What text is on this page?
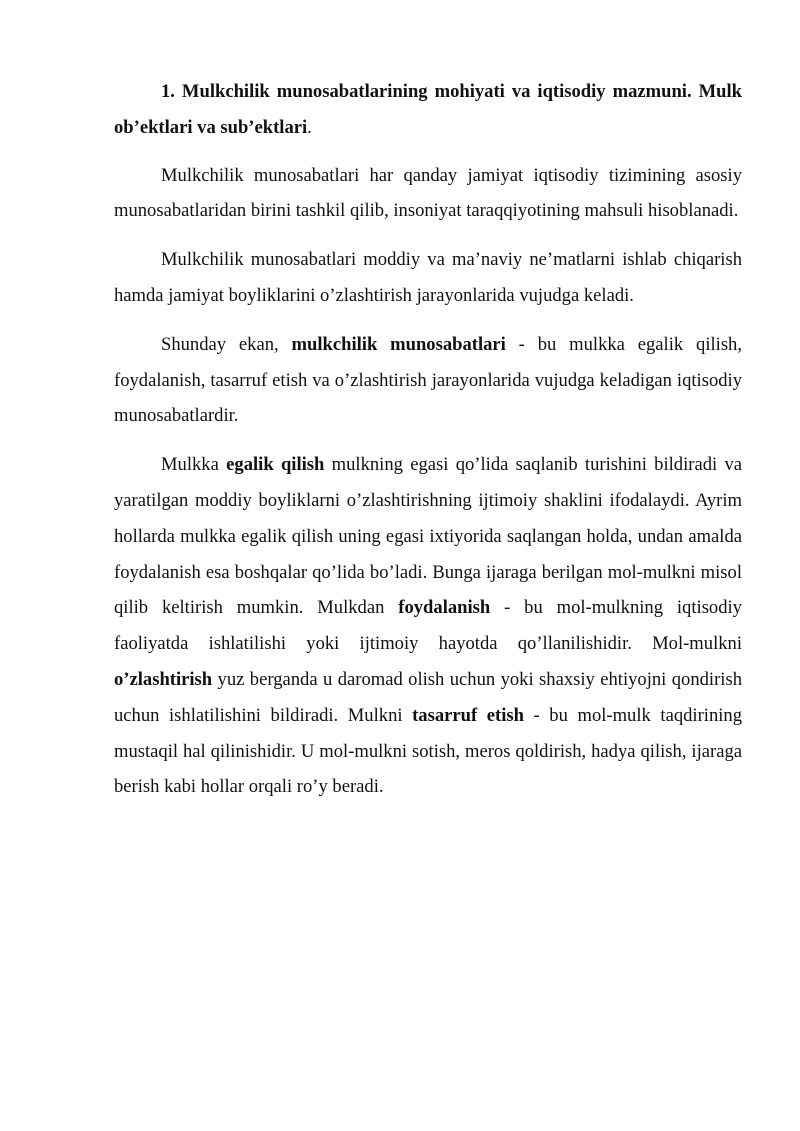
1. Mulkchilik munosabatlarining mohiyati va iqtisodiy mazmuni. Mulk ob’ektlari va sub’ektlari.

Mulkchilik munosabatlari har qanday jamiyat iqtisodiy tizimining asosiy munosabatlaridan birini tashkil qilib, insoniyat taraqqiyotining mahsuli hisoblanadi.

Mulkchilik munosabatlari moddiy va ma’naviy ne’matlarni ishlab chiqarish hamda jamiyat boyliklarini o’zlashtirish jarayonlarida vujudga keladi.

Shunday ekan, mulkchilik munosabatlari - bu mulkka egalik qilish, foydalanish, tasarruf etish va o’zlashtirish jarayonlarida vujudga keladigan iqtisodiy munosabatlardir.

Mulkka egalik qilish mulkning egasi qo’lida saqlanib turishini bildiradi va yaratilgan moddiy boyliklarni o’zlashtirishning ijtimoiy shaklini ifodalaydi. Ayrim hollarda mulkka egalik qilish uning egasi ixtiyorida saqlangan holda, undan amalda foydalanish esa boshqalar qo’lida bo’ladi. Bunga ijaraga berilgan mol-mulkni misol qilib keltirish mumkin. Mulkdan foydalanish - bu mol-mulkning iqtisodiy faoliyatda ishlatilishi yoki ijtimoiy hayotda qo’llanilishidir. Mol-mulkni o’zlashtirish yuz berganda u daromad olish uchun yoki shaxsiy ehtiyojni qondirish uchun ishlatilishini bildiradi. Mulkni tasarruf etish - bu mol-mulk taqdirining mustaqil hal qilinishidir. U mol-mulkni sotish, meros qoldirish, hadya qilish, ijaraga berish kabi hollar orqali ro’y beradi.
